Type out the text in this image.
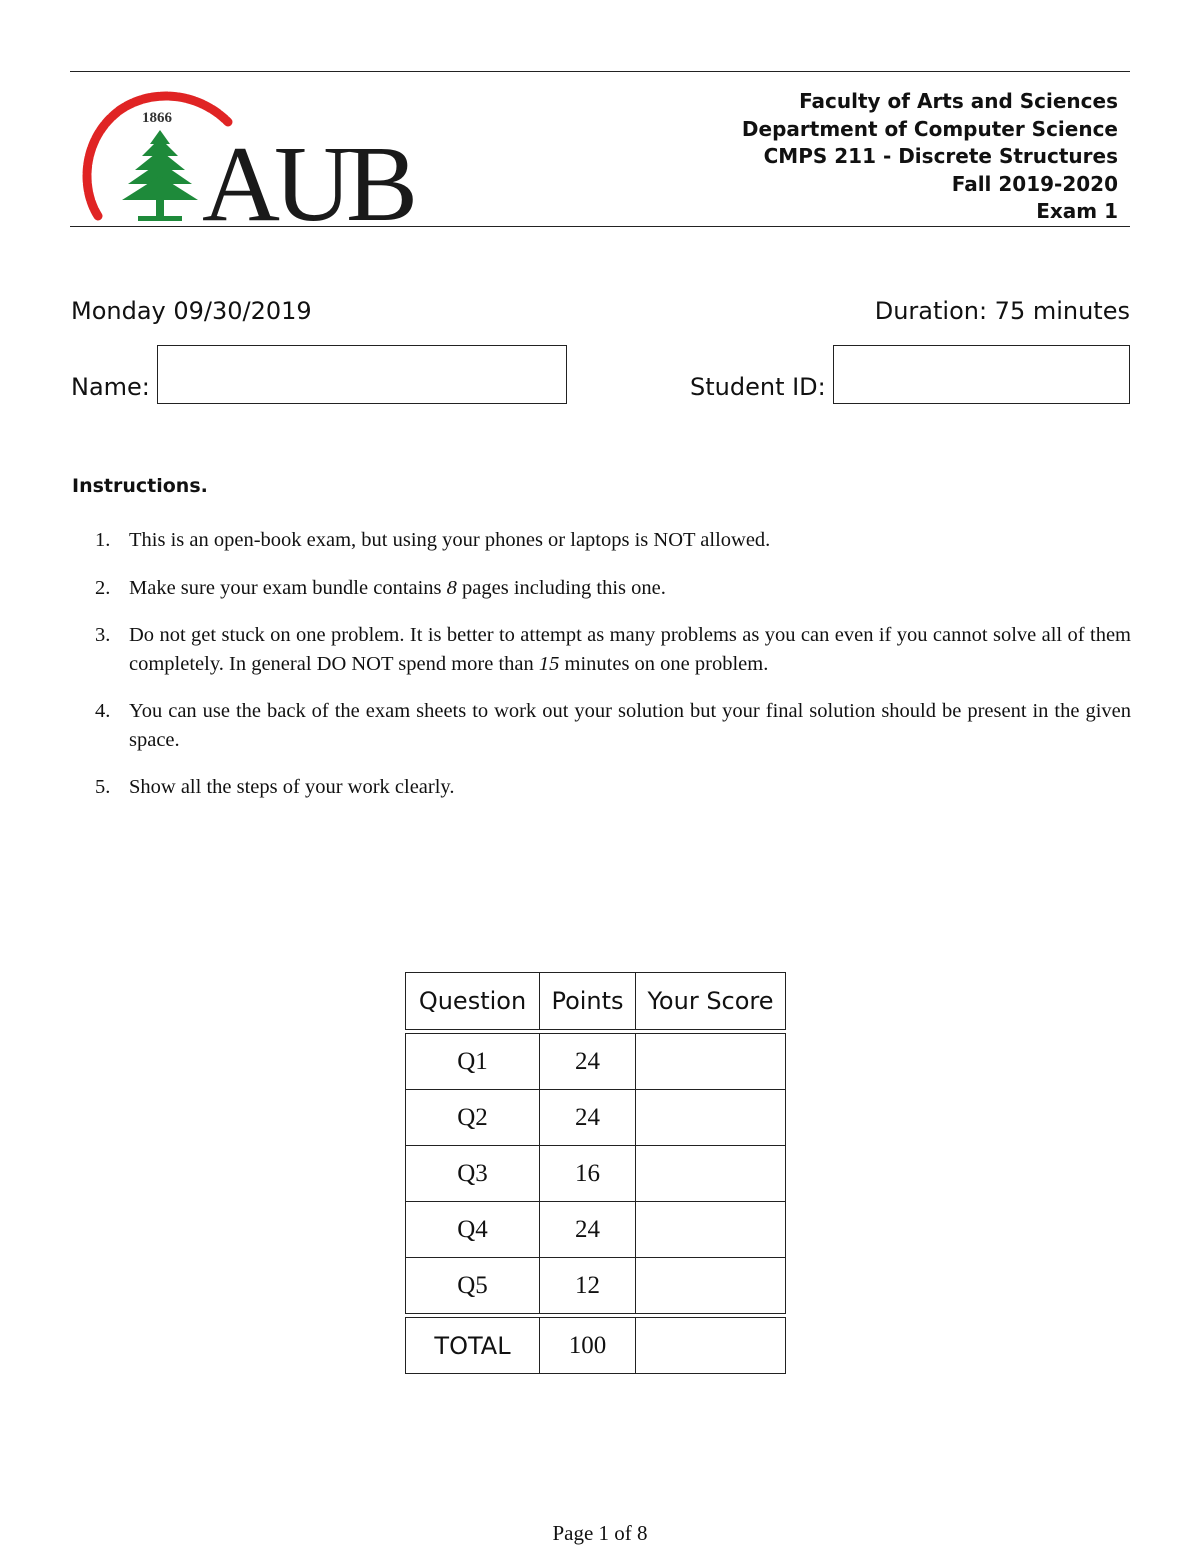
1866
AUB
Faculty of Arts and Sciences
Department of Computer Science
CMPS 211 - Discrete Structures
Fall 2019-2020
Exam 1
Monday 09/30/2019	Duration: 75 minutes
Name:	Student ID:
Instructions.
1. This is an open-book exam, but using your phones or laptops is NOT allowed.
2. Make sure your exam bundle contains 8 pages including this one.
3. Do not get stuck on one problem. It is better to attempt as many problems as you can even if you cannot solve all of them completely. In general DO NOT spend more than 15 minutes on one problem.
4. You can use the back of the exam sheets to work out your solution but your final solution should be present in the given space.
5. Show all the steps of your work clearly.
Question	Points	Your Score

Q1	24	
Q2	24	
Q3	16	
Q4	24	
Q5	12	

TOTAL	100	
Page 1 of 8
